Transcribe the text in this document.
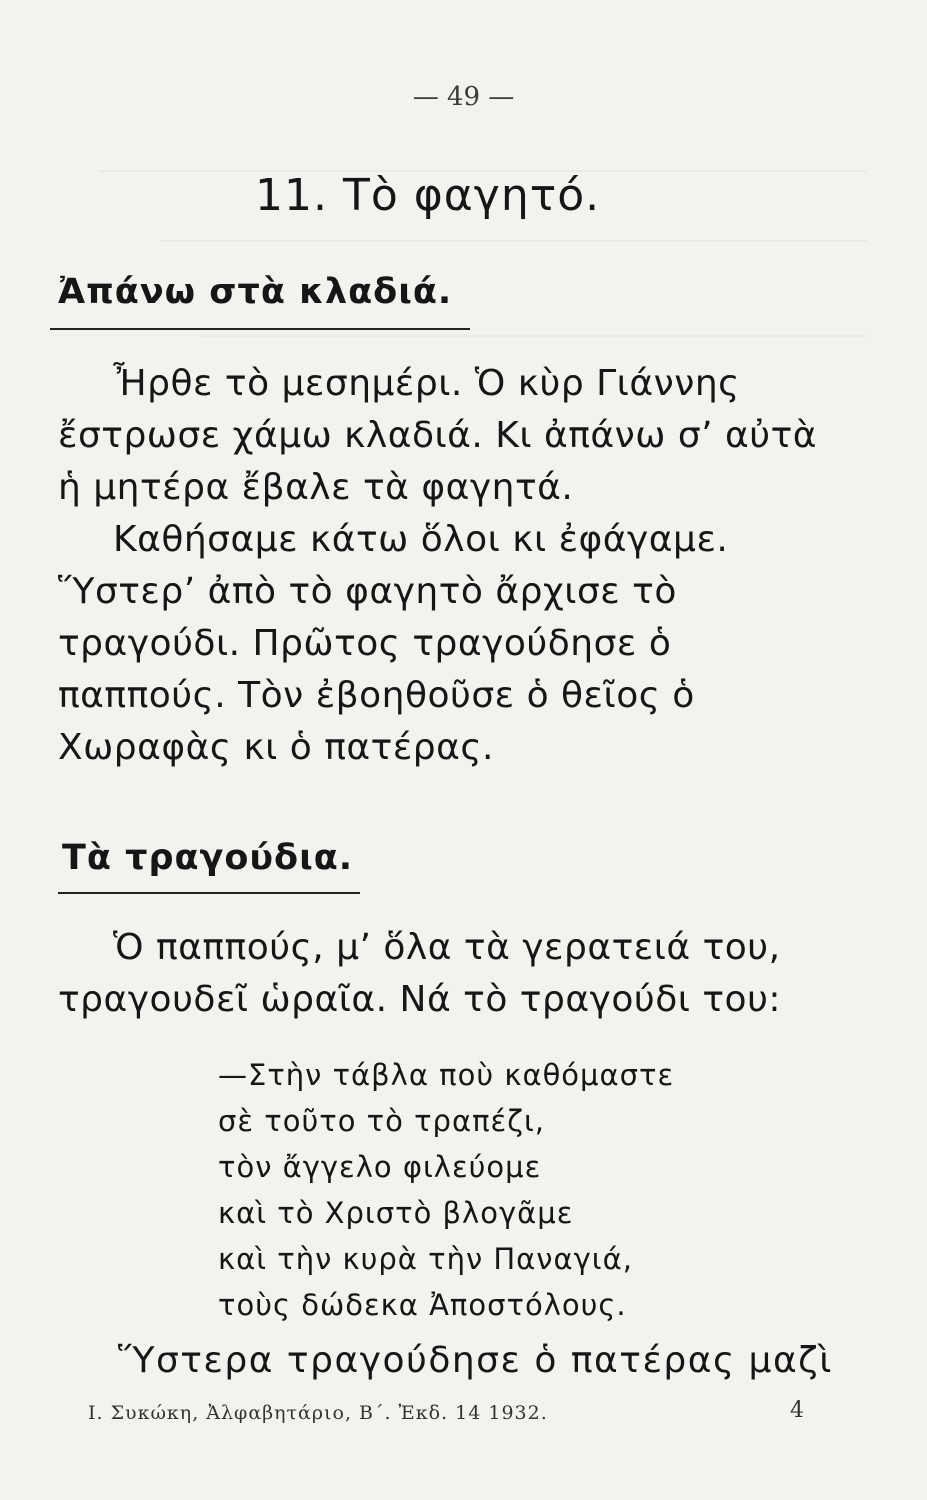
— 49 —
11. Τὸ φαγητό.
Ἀπάνω στὰ κλαδιά.

Ἦρθε τὸ μεσημέρι. Ὁ κὺρ Γιάννης ἔστρωσε χάμω κλαδιά. Κι ἀπάνω σ’ αὐτὰ ἡ μητέρα ἔβαλε τὰ φαγητά.

Καθήσαμε κάτω ὅλοι κι ἐφάγαμε. Ὕστερ’ ἀπὸ τὸ φαγητὸ ἄρχισε τὸ τραγούδι. Πρῶτος τραγούδησε ὁ παππούς. Τὸν ἐβοηθοῦσε ὁ θεῖος ὁ Χωραφὰς κι ὁ πατέρας.

Τὰ τραγούδια.

Ὁ παππούς, μ’ ὅλα τὰ γερατειά του, τραγουδεῖ ὡραῖα. Νά τὸ τραγούδι του:

—Στὴν τάβλα ποὺ καθόμαστε
σὲ τοῦτο τὸ τραπέζι,
τὸν ἄγγελο φιλεύομε
καὶ τὸ Χριστὸ βλογᾶμε
καὶ τὴν κυρὰ τὴν Παναγιά,
τοὺς δώδεκα Ἀποστόλους.
Ὕστερα τραγούδησε ὁ πατέρας μαζὶ
Ι. Συκώκη, Ἀλφαβητάριο, Β΄. Ἐκδ. 14 1932.	4
